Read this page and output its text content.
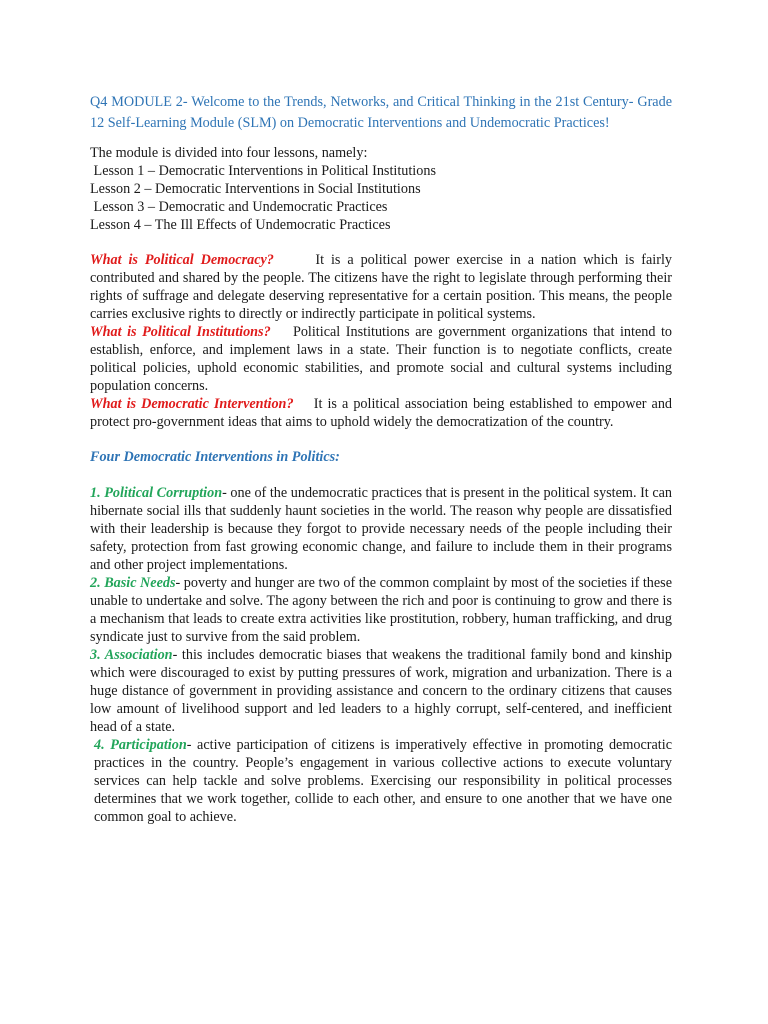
Q4 MODULE 2- Welcome to the Trends, Networks, and Critical Thinking in the 21st Century- Grade 12 Self-Learning Module (SLM) on Democratic Interventions and Undemocratic Practices!

The module is divided into four lessons, namely:
Lesson 1 – Democratic Interventions in Political Institutions
Lesson 2 – Democratic Interventions in Social Institutions
Lesson 3 – Democratic and Undemocratic Practices
Lesson 4 – The Ill Effects of Undemocratic Practices

What is Political Democracy?	It is a political power exercise in a nation which is fairly contributed and shared by the people. The citizens have the right to legislate through performing their rights of suffrage and delegate deserving representative for a certain position. This means, the people carries exclusive rights to directly or indirectly participate in political systems.

What is Political Institutions? Political Institutions are government organizations that intend to establish, enforce, and implement laws in a state. Their function is to negotiate conflicts, create political policies, uphold economic stabilities, and promote social and cultural systems including population concerns.

What is Democratic Intervention? It is a political association being established to empower and protect pro-government ideas that aims to uphold widely the democratization of the country.

Four Democratic Interventions in Politics:

1. Political Corruption- one of the undemocratic practices that is present in the political system. It can hibernate social ills that suddenly haunt societies in the world. The reason why people are dissatisfied with their leadership is because they forgot to provide necessary needs of the people including their safety, protection from fast growing economic change, and failure to include them in their programs and other project implementations.

2. Basic Needs- poverty and hunger are two of the common complaint by most of the societies if these unable to undertake and solve. The agony between the rich and poor is continuing to grow and there is a mechanism that leads to create extra activities like prostitution, robbery, human trafficking, and drug syndicate just to survive from the said problem.

3. Association- this includes democratic biases that weakens the traditional family bond and kinship which were discouraged to exist by putting pressures of work, migration and urbanization. There is a huge distance of government in providing assistance and concern to the ordinary citizens that causes low amount of livelihood support and led leaders to a highly corrupt, self-centered, and inefficient head of a state.

4. Participation- active participation of citizens is imperatively effective in promoting democratic practices in the country. People’s engagement in various collective actions to execute voluntary services can help tackle and solve problems. Exercising our responsibility in political processes determines that we work together, collide to each other, and ensure to one another that we have one common goal to achieve.
